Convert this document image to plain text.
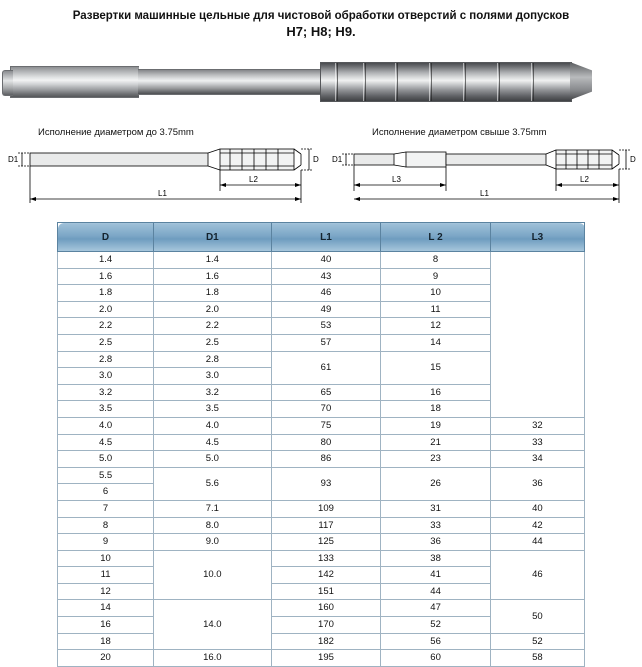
Развертки машинные цельные для чистовой обработки отверстий с полями допусков
H7; H8; H9.
Исполнение диаметром до 3.75mm	Исполнение диаметром свыше 3.75mm
D1	D
L2
L1
D1	D
L3	L2
L1
D	D1	L1	L 2	L3
1.4	1.4	40	8	
1.6	1.6	43	9	
1.8	1.8	46	10	
2.0	2.0	49	11	
2.2	2.2	53	12	
2.5	2.5	57	14	
2.8	2.8	61	15	
3.0	3.0			
3.2	3.2	65	16	
3.5	3.5	70	18	
4.0	4.0	75	19	32
4.5	4.5	80	21	33
5.0	5.0	86	23	34
5.5	5.6	93	26	36
6				
7	7.1	109	31	40
8	8.0	117	33	42
9	9.0	125	36	44
10	10.0	133	38	46
11		142	41	
12		151	44	
14	14.0	160	47	50
16		170	52	
18		182	56	52
20	16.0	195	60	58
